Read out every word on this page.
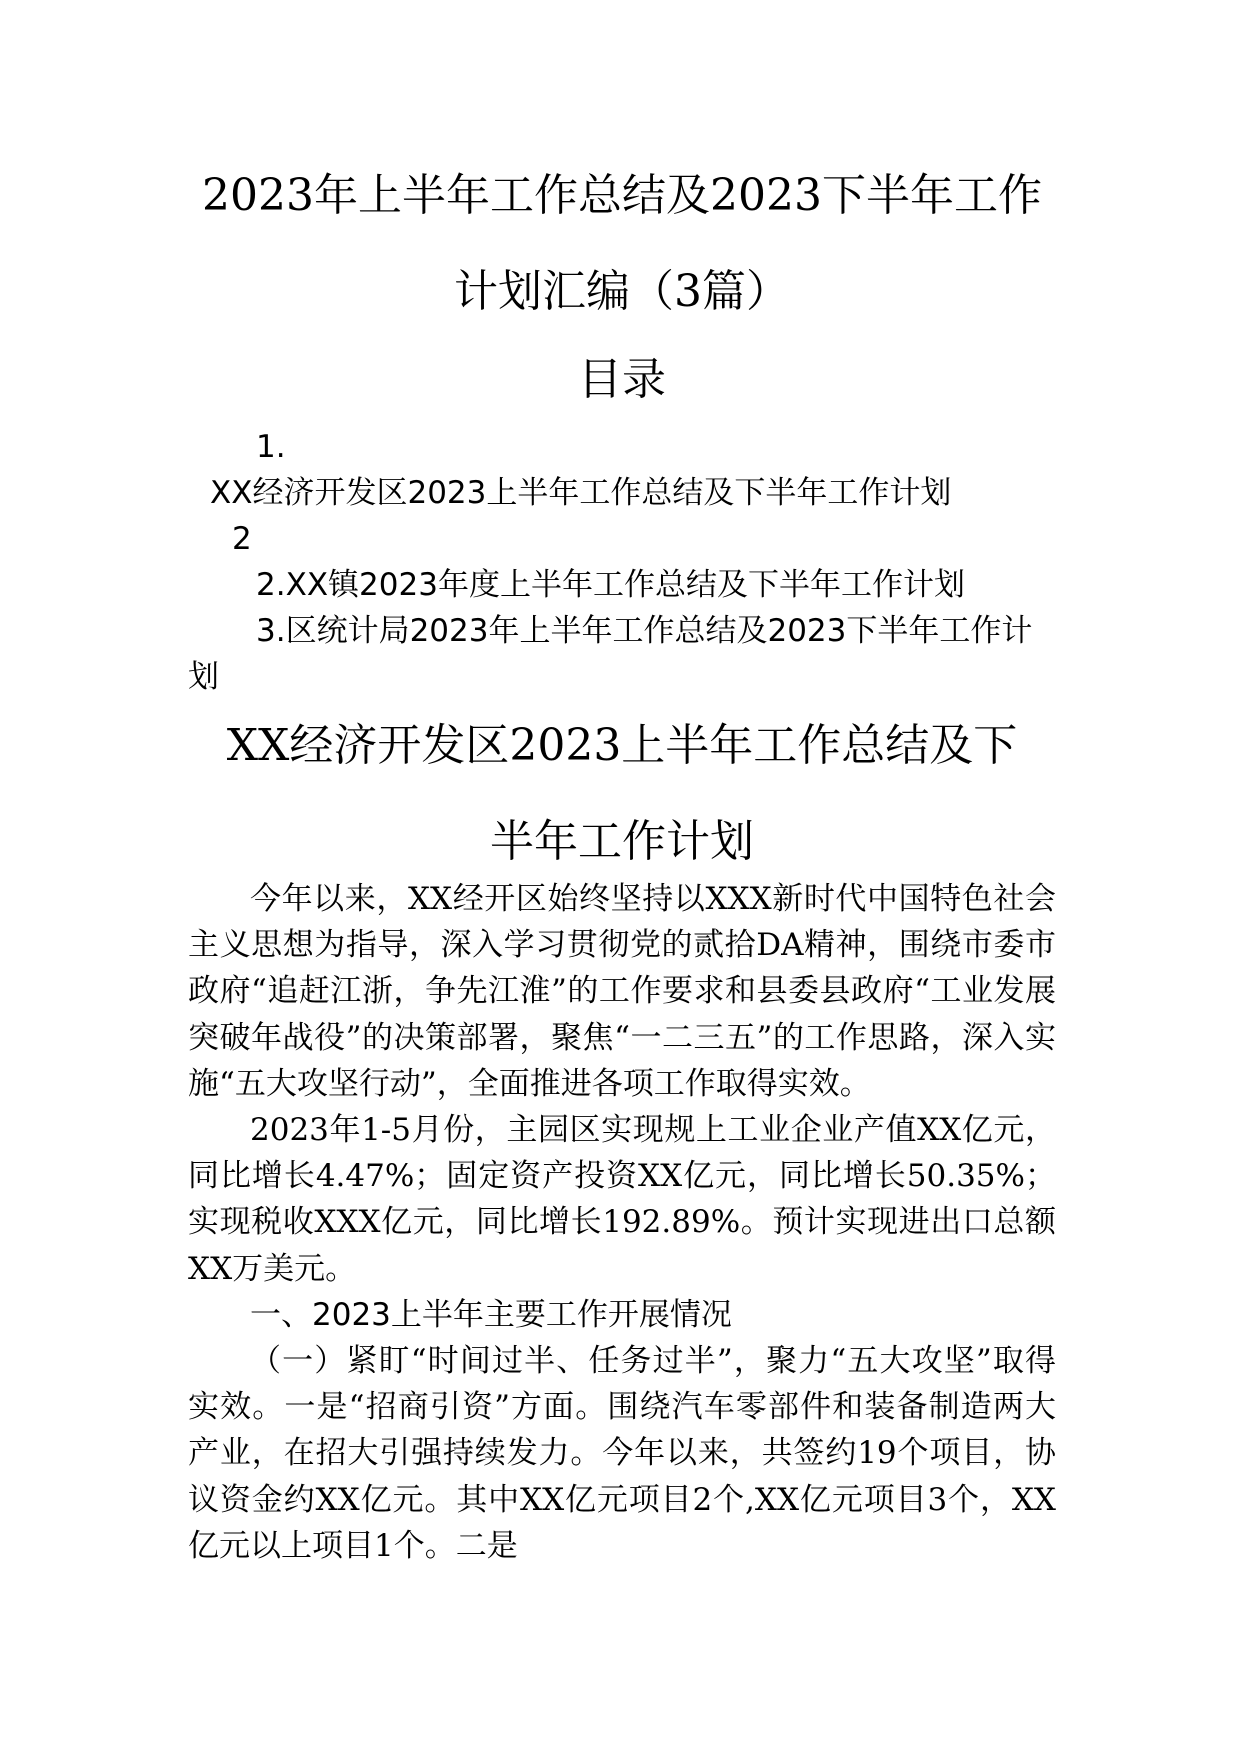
2023年上半年工作总结及2023下半年工作
计划汇编（3篇）
目录
1.
XX经济开发区2023上半年工作总结及下半年工作计划
2
2.XX镇2023年度上半年工作总结及下半年工作计划
3.区统计局2023年上半年工作总结及2023下半年工作计划
XX经济开发区2023上半年工作总结及下
半年工作计划

今年以来，XX经开区始终坚持以XXX新时代中国特色社会主义思想为指导，深入学习贯彻党的贰拾DA精神，围绕市委市政府“追赶江浙，争先江淮”的工作要求和县委县政府“工业发展突破年战役”的决策部署，聚焦“一二三五”的工作思路，深入实施“五大攻坚行动”，全面推进各项工作取得实效。

2023年1-5月份，主园区实现规上工业企业产值XX亿元，同比增长4.47%；固定资产投资XX亿元，同比增长50.35%；实现税收XXX亿元，同比增长192.89%。预计实现进出口总额XX万美元。

一、2023上半年主要工作开展情况

（一）紧盯“时间过半、任务过半”，聚力“五大攻坚”取得实效。一是“招商引资”方面。围绕汽车零部件和装备制造两大产业，在招大引强持续发力。今年以来，共签约19个项目，协议资金约XX亿元。其中XX亿元项目2个,XX亿元项目3个，XX亿元以上项目1个。二是
